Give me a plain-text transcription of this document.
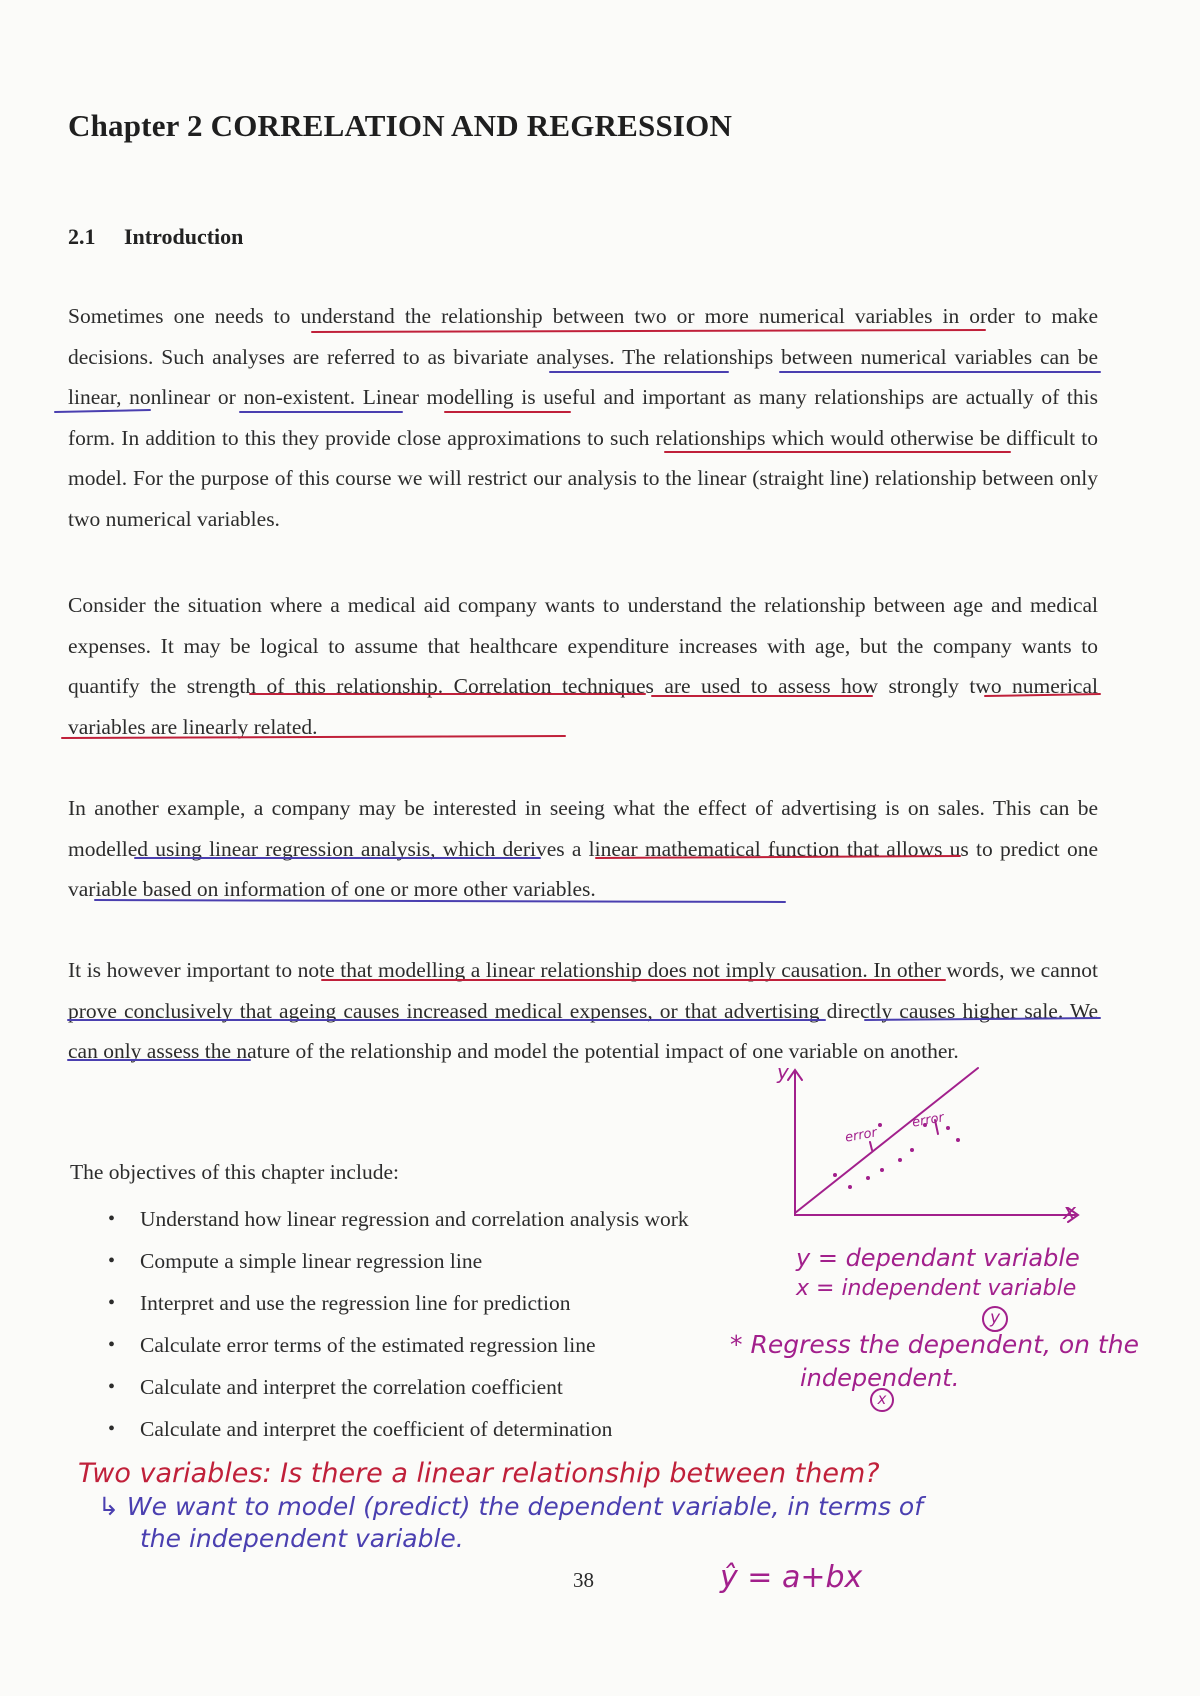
Chapter 2 CORRELATION AND REGRESSION
2.1 Introduction
Sometimes one needs to understand the relationship between two or more numerical variables in order to make decisions. Such analyses are referred to as bivariate analyses. The relationships between numerical variables can be linear, nonlinear or non-existent. Linear modelling is useful and important as many relationships are actually of this form. In addition to this they provide close approximations to such relationships which would otherwise be difficult to model. For the purpose of this course we will restrict our analysis to the linear (straight line) relationship between only two numerical variables.
Consider the situation where a medical aid company wants to understand the relationship between age and medical expenses. It may be logical to assume that healthcare expenditure increases with age, but the company wants to quantify the strength of this relationship. Correlation techniques are used to assess how strongly two numerical variables are linearly related.
In another example, a company may be interested in seeing what the effect of advertising is on sales. This can be modelled using linear regression analysis, which derives a linear mathematical function that allows us to predict one variable based on information of one or more other variables.
It is however important to note that modelling a linear relationship does not imply causation. In other words, we cannot prove conclusively that ageing causes increased medical expenses, or that advertising directly causes higher sale. We can only assess the nature of the relationship and model the potential impact of one variable on another.
The objectives of this chapter include:
• Understand how linear regression and correlation analysis work
• Compute a simple linear regression line
• Interpret and use the regression line for prediction
• Calculate error terms of the estimated regression line
• Calculate and interpret the correlation coefficient
• Calculate and interpret the coefficient of determination
38
y
x
error
error
y = dependant variable
x = independent variable
* Regress the dependent, on the
independent.
y
x
Two variables: Is there a linear relationship between them?
↳ We want to model (predict) the dependent variable, in terms of
the independent variable.
ŷ = a+bx
